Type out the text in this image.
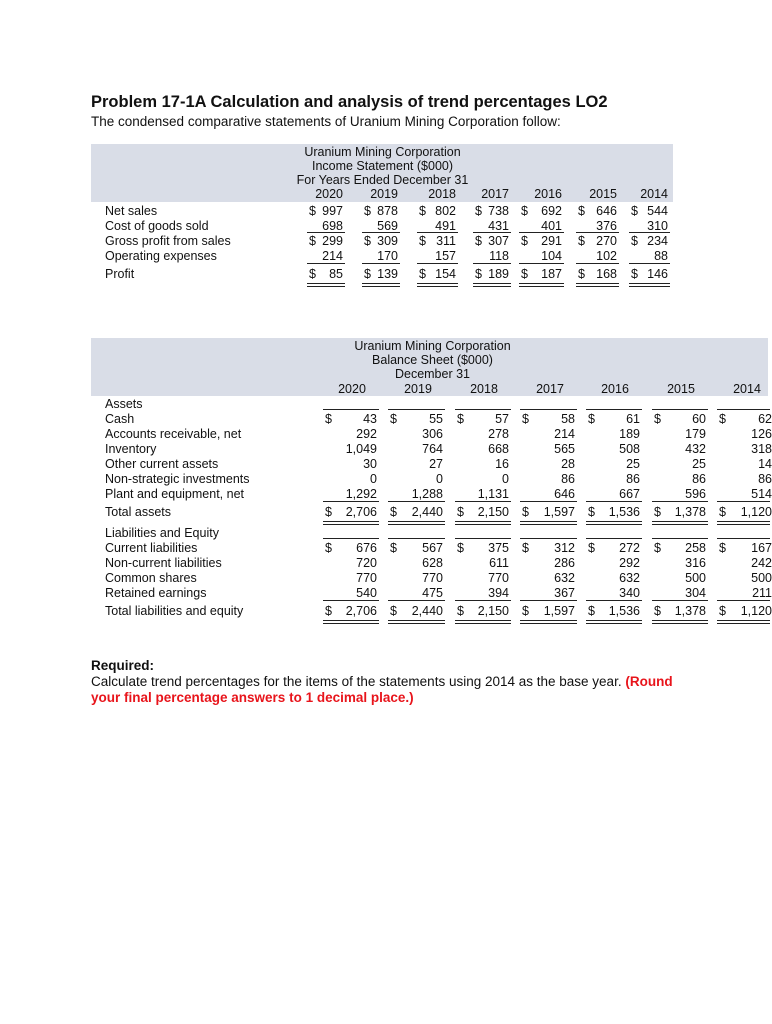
Problem 17-1A Calculation and analysis of trend percentages LO2
The condensed comparative statements of Uranium Mining Corporation follow:
Uranium Mining Corporation
Income Statement ($000)
For Years Ended December 31
2020	2019	2018	2017	2016	2015	2014
Net sales	$ 997 $ 878 $ 802 $ 738 $	692 $ 646 $ 544
Cost of goods sold	698	569	491	431	401	376	310
Gross profit from sales	$ 299 $ 309 $ 311 $ 307 $	291 $ 270 $ 234
Operating expenses	214	170	157	118	104	102	88
Profit	$	85 $ 139 $ 154 $ 189 $	187 $ 168 $ 146
Uranium Mining Corporation
Balance Sheet ($000)
December 31
2020	2019	2018	2017	2016	2015	2014
Assets
Cash	$	43 $	55 $	57 $	58 $	61 $	60 $	62
Accounts receivable, net	292	306	278	214	189	179	126
Inventory	1,049	764	668	565	508	432	318
Other current assets	30	27	16	28	25	25	14
Non-strategic investments	0	0	0	86	86	86	86
Plant and equipment, net	1,292	1,288	1,131	646	667	596	514
Total assets	$	2,706 $	2,440 $	2,150 $	1,597 $	1,536 $	1,378 $	1,120
Liabilities and Equity
Current liabilities	$	676 $	567 $	375 $	312 $	272 $	258 $	167
Non-current liabilities	720	628	611	286	292	316	242
Common shares	770	770	770	632	632	500	500
Retained earnings	540	475	394	367	340	304	211
Total liabilities and equity	$	2,706 $	2,440 $	2,150 $	1,597 $	1,536 $	1,378 $	1,120
Required:
Calculate trend percentages for the items of the statements using 2014 as the base year. (Round your final percentage answers to 1 decimal place.)
